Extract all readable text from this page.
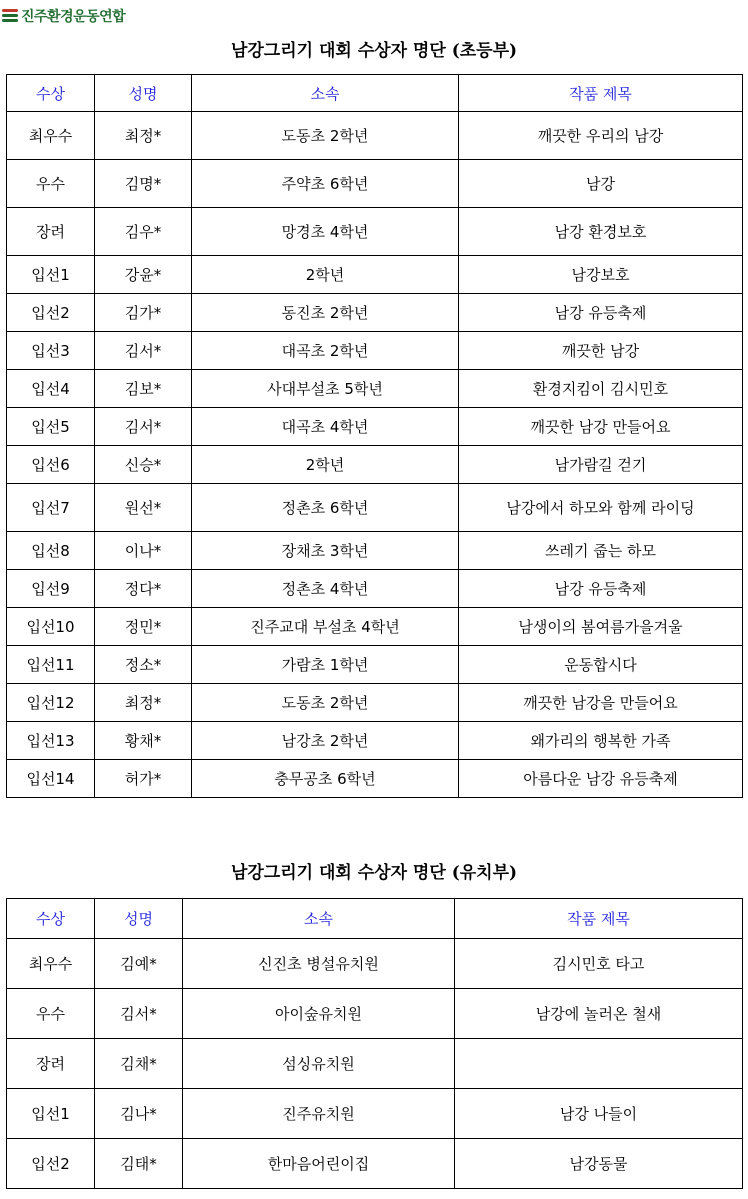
진주환경운동연합
남강그리기 대회 수상자 명단 (초등부)
수상	성명	소속	작품 제목
최우수	최정*	도동초 2학년	깨끗한 우리의 남강
우수	김명*	주약초 6학년	남강
장려	김우*	망경초 4학년	남강 환경보호
입선1	강윤*	2학년	남강보호
입선2	김가*	동진초 2학년	남강 유등축제
입선3	김서*	대곡초 2학년	깨끗한 남강
입선4	김보*	사대부설초 5학년	환경지킴이 김시민호
입선5	김서*	대곡초 4학년	깨끗한 남강 만들어요
입선6	신승*	2학년	남가람길 걷기
입선7	원선*	정촌초 6학년	남강에서 하모와 함께 라이딩
입선8	이나*	장채초 3학년	쓰레기 줍는 하모
입선9	정다*	정촌초 4학년	남강 유등축제
입선10	정민*	진주교대 부설초 4학년	남생이의 봄여름가을겨울
입선11	정소*	가람초 1학년	운동합시다
입선12	최정*	도동초 2학년	깨끗한 남강을 만들어요
입선13	황채*	남강초 2학년	왜가리의 행복한 가족
입선14	허가*	충무공초 6학년	아름다운 남강 유등축제
남강그리기 대회 수상자 명단 (유치부)
수상	성명	소속	작품 제목
최우수	김예*	신진초 병설유치원	김시민호 타고
우수	김서*	아이숲유치원	남강에 놀러온 철새
장려	김채*	섬싱유치원	
입선1	김나*	진주유치원	남강 나들이
입선2	김태*	한마음어린이집	남강동물
